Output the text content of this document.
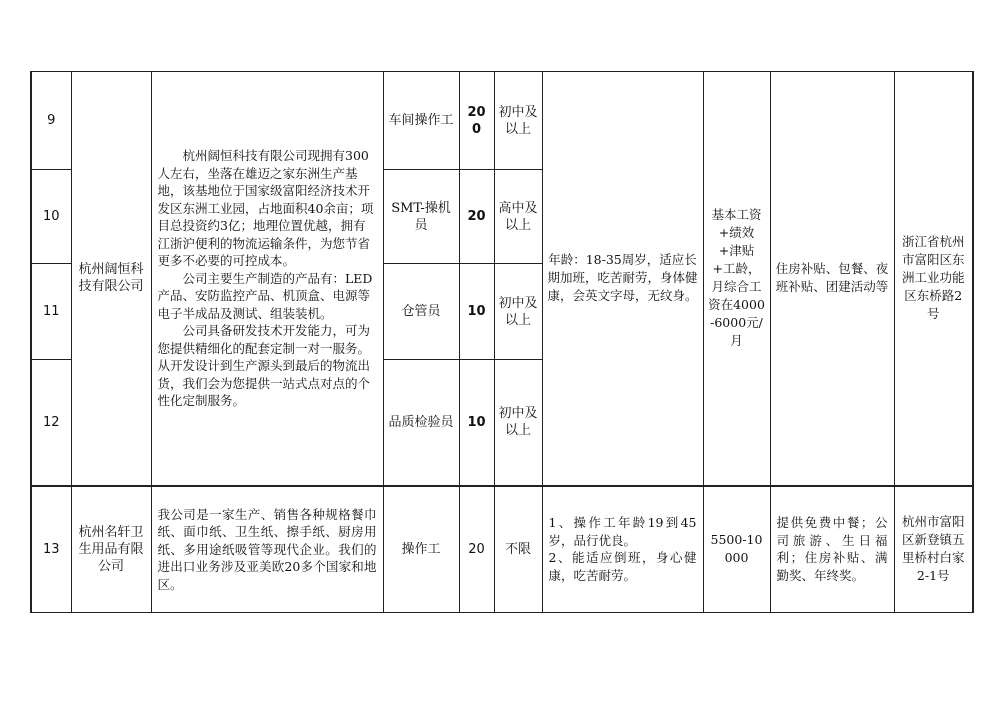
9	杭州阔恒科技有限公司	杭州阔恒科技有限公司现拥有300人左右，坐落在雄迈之家东洲生产基地，该基地位于国家级富阳经济技术开发区东洲工业园，占地面积40余亩；项目总投资约3亿；地理位置优越，拥有江浙沪便利的物流运输条件，为您节省更多不必要的可控成本。
公司主要生产制造的产品有：LED产品、安防监控产品、机顶盒、电源等电子半成品及测试、组装装机。
公司具备研发技术开发能力，可为您提供精细化的配套定制一对一服务。从开发设计到生产源头到最后的物流出货，我们会为您提供一站式点对点的个性化定制服务。	车间操作工	200	初中及以上	年龄：18-35周岁，适应长期加班，吃苦耐劳，身体健康，会英文字母，无纹身。	基本工资+绩效+津贴+工龄，月综合工资在4000-6000元/月	住房补贴、包餐、夜班补贴、团建活动等	浙江省杭州市富阳区东洲工业功能区东桥路2号
10			SMT-操机员	20	高中及以上				
11			仓管员	10	初中及以上				
12			品质检验员	10	初中及以上				
13	杭州名轩卫生用品有限公司	我公司是一家生产、销售各种规格餐巾纸、面巾纸、卫生纸、擦手纸、厨房用纸、多用途纸吸管等现代企业。我们的进出口业务涉及亚美欧20多个国家和地区。	操作工	20	不限	1、操作工年龄19到45岁，品行优良。
2、能适应倒班，身心健康，吃苦耐劳。	5500-10000	提供免费中餐；公司旅游、生日福利；住房补贴、满勤奖、年终奖。	杭州市富阳区新登镇五里桥村白家2-1号
